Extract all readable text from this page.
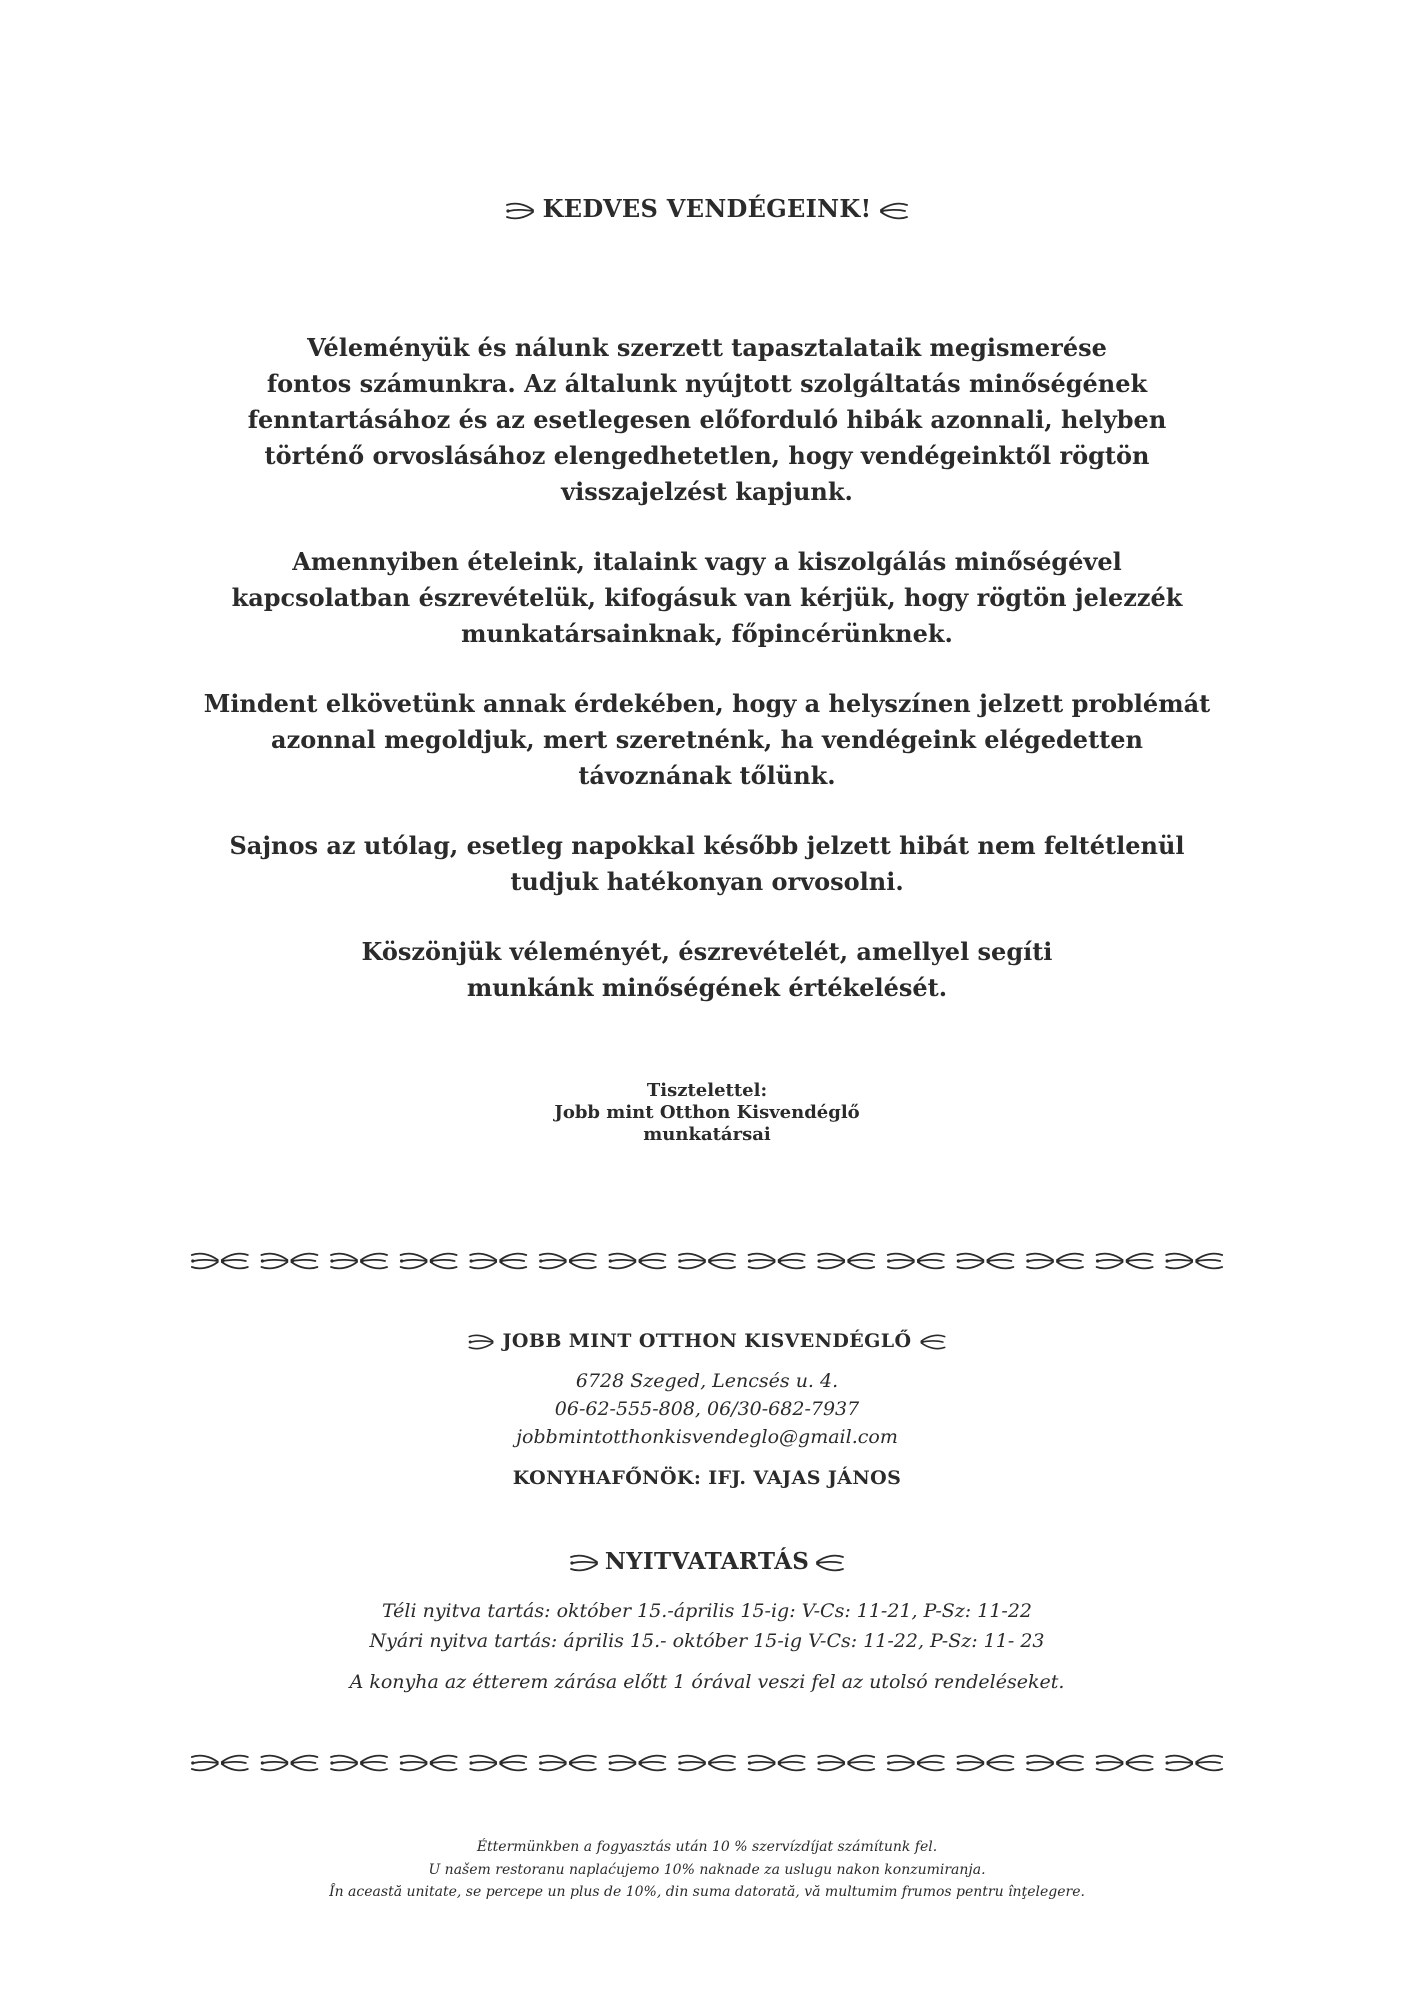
KEDVES VENDÉGEINK!
Véleményük és nálunk szerzett tapasztalataik megismerése
fontos számunkra. Az általunk nyújtott szolgáltatás minőségének
fenntartásához és az esetlegesen előforduló hibák azonnali, helyben
történő orvoslásához elengedhetetlen, hogy vendégeinktől rögtön
visszajelzést kapjunk.
Amennyiben ételeink, italaink vagy a kiszolgálás minőségével
kapcsolatban észrevételük, kifogásuk van kérjük, hogy rögtön jelezzék
munkatársainknak, főpincérünknek.
Mindent elkövetünk annak érdekében, hogy a helyszínen jelzett problémát
azonnal megoldjuk, mert szeretnénk, ha vendégeink elégedetten
távoznának tőlünk.
Sajnos az utólag, esetleg napokkal később jelzett hibát nem feltétlenül
tudjuk hatékonyan orvosolni.
Köszönjük véleményét, észrevételét, amellyel segíti
munkánk minőségének értékelését.
Tisztelettel:
Jobb mint Otthon Kisvendéglő
munkatársai
JOBB MINT OTTHON KISVENDÉGLŐ
6728 Szeged, Lencsés u. 4.
06-62-555-808, 06/30-682-7937
jobbmintotthonkisvendeglo@gmail.com
KONYHAFŐNÖK: IFJ. VAJAS JÁNOS
NYITVATARTÁS
Téli nyitva tartás: október 15.-április 15-ig: V-Cs: 11-21, P-Sz: 11-22
Nyári nyitva tartás: április 15.- október 15-ig V-Cs: 11-22, P-Sz: 11- 23
A konyha az étterem zárása előtt 1 órával veszi fel az utolsó rendeléseket.
Éttermünkben a fogyasztás után 10 % szervízdíjat számítunk fel.
U našem restoranu naplaćujemo 10% naknade za uslugu nakon konzumiranja.
În această unitate, se percepe un plus de 10%, din suma datorată, vă multumim frumos pentru înţelegere.
